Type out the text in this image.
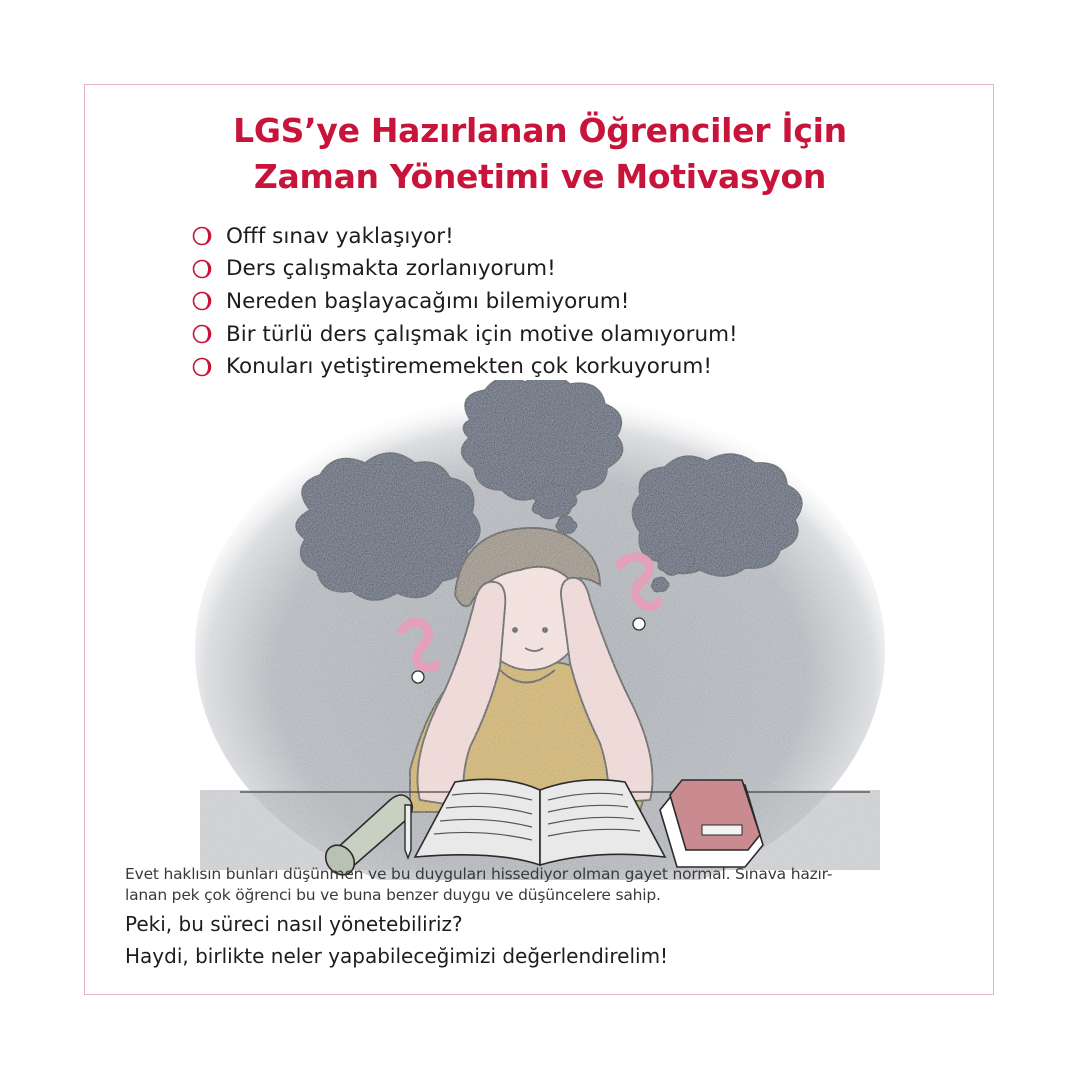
LGS’ye Hazırlanan Öğrenciler İçin
Zaman Yönetimi ve Motivasyon
Offf sınav yaklaşıyor!
Ders çalışmakta zorlanıyorum!
Nereden başlayacağımı bilemiyorum!
Bir türlü ders çalışmak için motive olamıyorum!
Konuları yetiştirememekten çok korkuyorum!
Evet haklısın bunları düşünmen ve bu duyguları hissediyor olman gayet normal. Sınava hazır-
lanan pek çok öğrenci bu ve buna benzer duygu ve düşüncelere sahip.
Peki, bu süreci nasıl yönetebiliriz?
Haydi, birlikte neler yapabileceğimizi değerlendirelim!
